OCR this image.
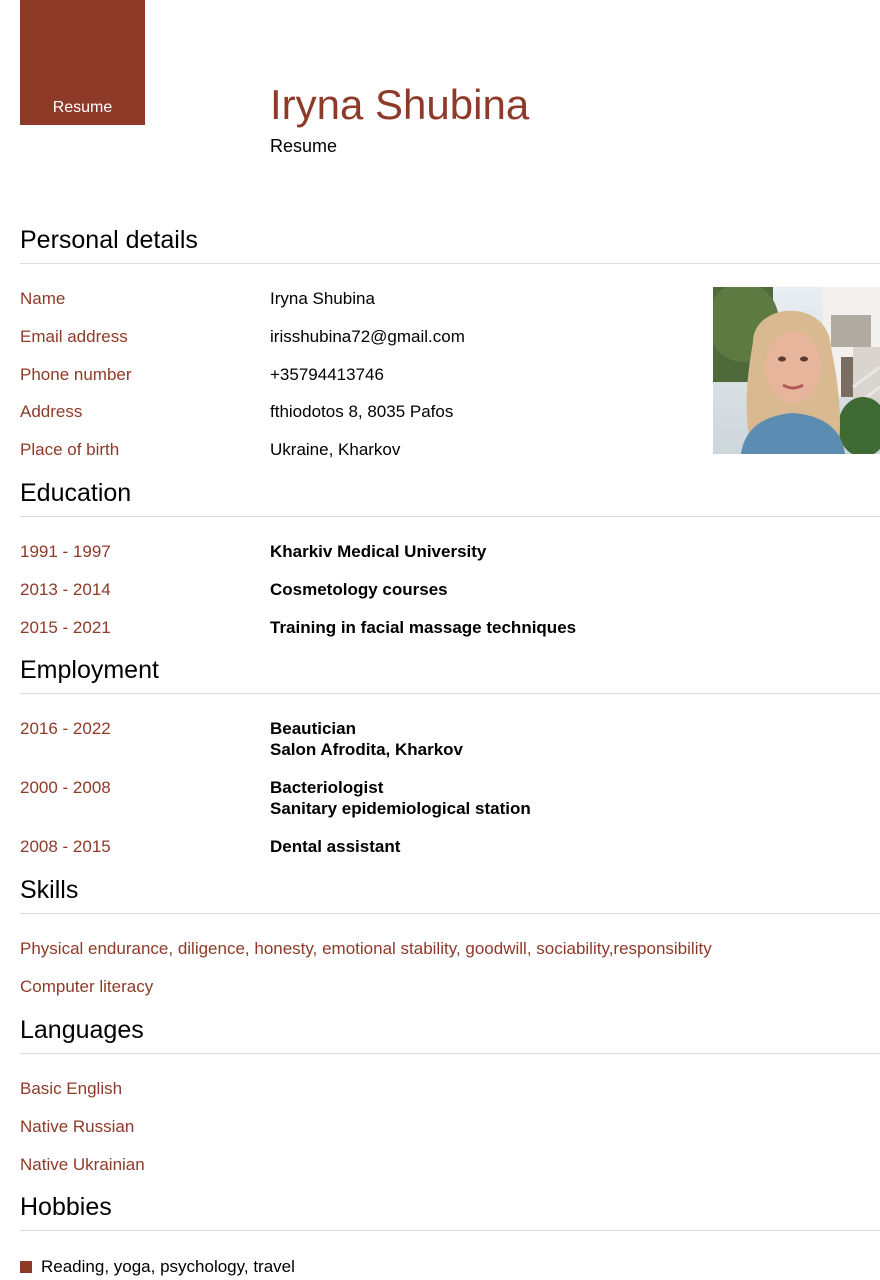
Resume	Iryna Shubina
Resume
Personal details
Name	Iryna Shubina
Email address	irisshubina72@gmail.com
Phone number	+35794413746
Address	fthiodotos 8, 8035 Pafos
Place of birth	Ukraine, Kharkov
Education
1991 - 1997	Kharkiv Medical University
2013 - 2014	Cosmetology courses
2015 - 2021	Training in facial massage techniques
Employment
2016 - 2022	Beautician
Salon Afrodita, Kharkov
2000 - 2008	Bacteriologist
Sanitary epidemiological station
2008 - 2015	Dental assistant
Skills
Physical endurance, diligence, honesty, emotional stability, goodwill, sociability,responsibility
Computer literacy
Languages
Basic English
Native Russian
Native Ukrainian
Hobbies
Reading, yoga, psychology, travel
